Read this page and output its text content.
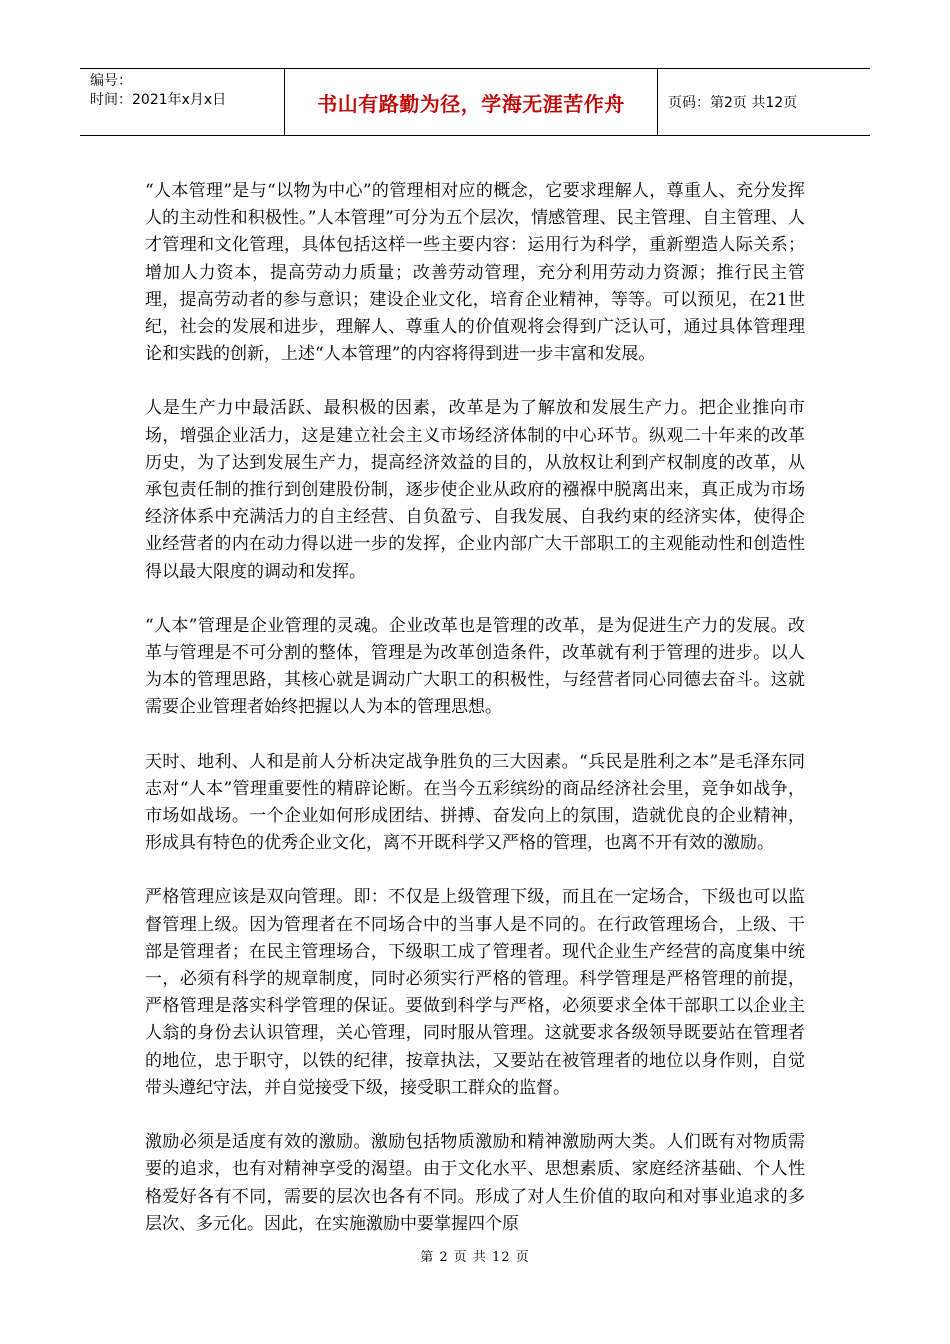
编号：
时间：2021年x月x日	书山有路勤为径，学海无涯苦作舟	页码：第2页 共12页

“人本管理”是与“以物为中心”的管理相对应的概念，它要求理解人，尊重人、充分发挥人的主动性和积极性。”人本管理”可分为五个层次，情感管理、民主管理、自主管理、人才管理和文化管理，具体包括这样一些主要内容：运用行为科学，重新塑造人际关系；增加人力资本，提高劳动力质量；改善劳动管理，充分利用劳动力资源；推行民主管理，提高劳动者的参与意识；建设企业文化，培育企业精神，等等。可以预见，在21世纪，社会的发展和进步，理解人、尊重人的价值观将会得到广泛认可，通过具体管理理论和实践的创新，上述“人本管理”的内容将得到进一步丰富和发展。

人是生产力中最活跃、最积极的因素，改革是为了解放和发展生产力。把企业推向市场，增强企业活力，这是建立社会主义市场经济体制的中心环节。纵观二十年来的改革历史，为了达到发展生产力，提高经济效益的目的，从放权让利到产权制度的改革，从承包责任制的推行到创建股份制，逐步使企业从政府的襁褓中脱离出来，真正成为市场经济体系中充满活力的自主经营、自负盈亏、自我发展、自我约束的经济实体，使得企业经营者的内在动力得以进一步的发挥，企业内部广大干部职工的主观能动性和创造性得以最大限度的调动和发挥。

“人本”管理是企业管理的灵魂。企业改革也是管理的改革，是为促进生产力的发展。改革与管理是不可分割的整体，管理是为改革创造条件，改革就有利于管理的进步。以人为本的管理思路，其核心就是调动广大职工的积极性，与经营者同心同德去奋斗。这就需要企业管理者始终把握以人为本的管理思想。

天时、地利、人和是前人分析决定战争胜负的三大因素。“兵民是胜利之本”是毛泽东同志对“人本”管理重要性的精辟论断。在当今五彩缤纷的商品经济社会里，竞争如战争，市场如战场。一个企业如何形成团结、拼搏、奋发向上的氛围，造就优良的企业精神，形成具有特色的优秀企业文化，离不开既科学又严格的管理，也离不开有效的激励。

严格管理应该是双向管理。即：不仅是上级管理下级，而且在一定场合，下级也可以监督管理上级。因为管理者在不同场合中的当事人是不同的。在行政管理场合，上级、干部是管理者；在民主管理场合，下级职工成了管理者。现代企业生产经营的高度集中统一，必须有科学的规章制度，同时必须实行严格的管理。科学管理是严格管理的前提，严格管理是落实科学管理的保证。要做到科学与严格，必须要求全体干部职工以企业主人翁的身份去认识管理，关心管理，同时服从管理。这就要求各级领导既要站在管理者的地位，忠于职守，以铁的纪律，按章执法，又要站在被管理者的地位以身作则，自觉带头遵纪守法，并自觉接受下级，接受职工群众的监督。

激励必须是适度有效的激励。激励包括物质激励和精神激励两大类。人们既有对物质需要的追求，也有对精神享受的渴望。由于文化水平、思想素质、家庭经济基础、个人性格爱好各有不同，需要的层次也各有不同。形成了对人生价值的取向和对事业追求的多层次、多元化。因此，在实施激励中要掌握四个原

第 2 页 共 12 页
